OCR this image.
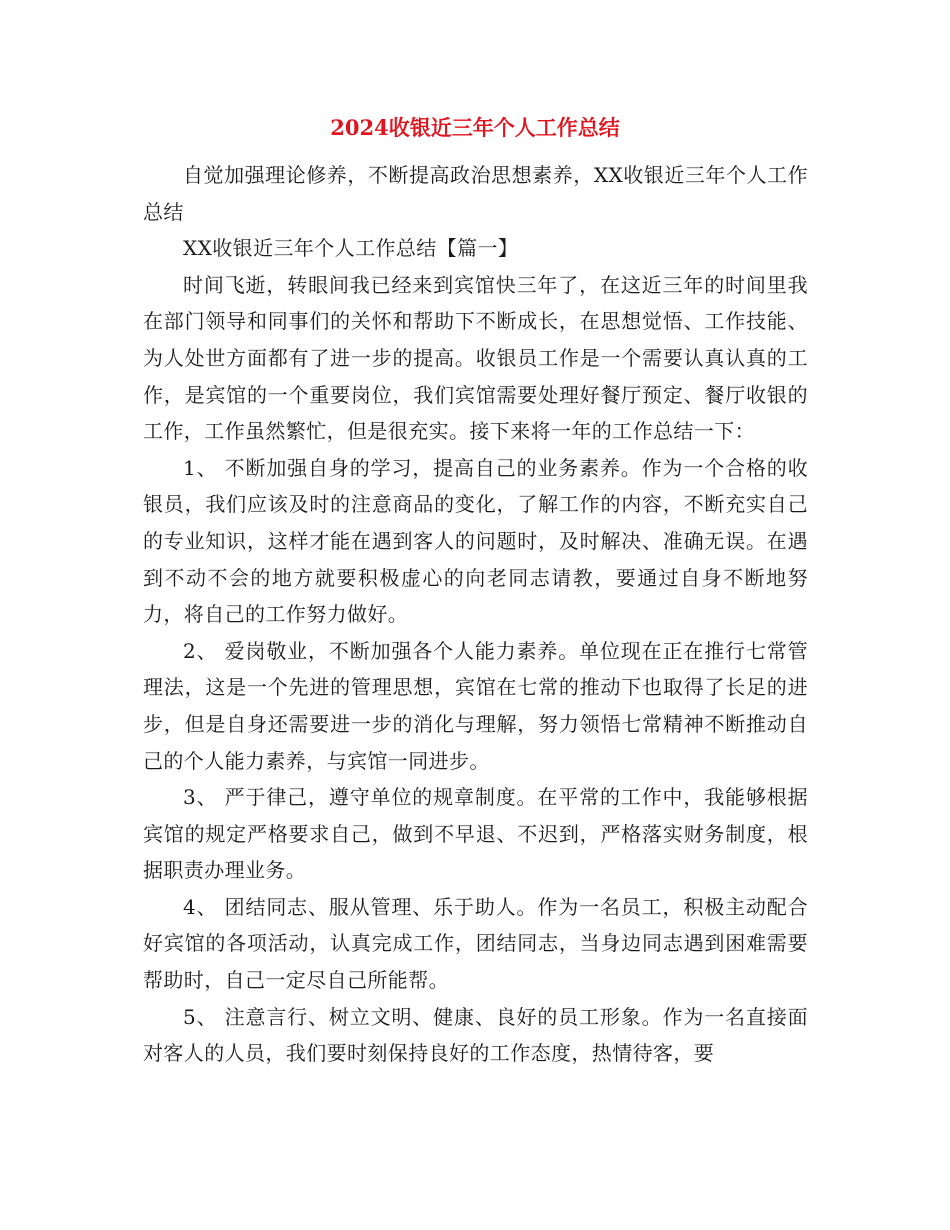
2024收银近三年个人工作总结

自觉加强理论修养，不断提高政治思想素养，XX收银近三年个人工作总结

XX收银近三年个人工作总结【篇一】

时间飞逝，转眼间我已经来到宾馆快三年了，在这近三年的时间里我在部门领导和同事们的关怀和帮助下不断成长，在思想觉悟、工作技能、为人处世方面都有了进一步的提高。收银员工作是一个需要认真认真的工作，是宾馆的一个重要岗位，我们宾馆需要处理好餐厅预定、餐厅收银的工作，工作虽然繁忙，但是很充实。接下来将一年的工作总结一下：

1、 不断加强自身的学习，提高自己的业务素养。作为一个合格的收银员，我们应该及时的注意商品的变化，了解工作的内容，不断充实自己的专业知识，这样才能在遇到客人的问题时，及时解决、准确无误。在遇到不动不会的地方就要积极虚心的向老同志请教，要通过自身不断地努力，将自己的工作努力做好。

2、 爱岗敬业，不断加强各个人能力素养。单位现在正在推行七常管理法，这是一个先进的管理思想，宾馆在七常的推动下也取得了长足的进步，但是自身还需要进一步的消化与理解，努力领悟七常精神不断推动自己的个人能力素养，与宾馆一同进步。

3、 严于律己，遵守单位的规章制度。在平常的工作中，我能够根据宾馆的规定严格要求自己，做到不早退、不迟到，严格落实财务制度，根据职责办理业务。

4、 团结同志、服从管理、乐于助人。作为一名员工，积极主动配合好宾馆的各项活动，认真完成工作，团结同志，当身边同志遇到困难需要帮助时，自己一定尽自己所能帮。

5、 注意言行、树立文明、健康、良好的员工形象。作为一名直接面对客人的人员，我们要时刻保持良好的工作态度，热情待客，要
